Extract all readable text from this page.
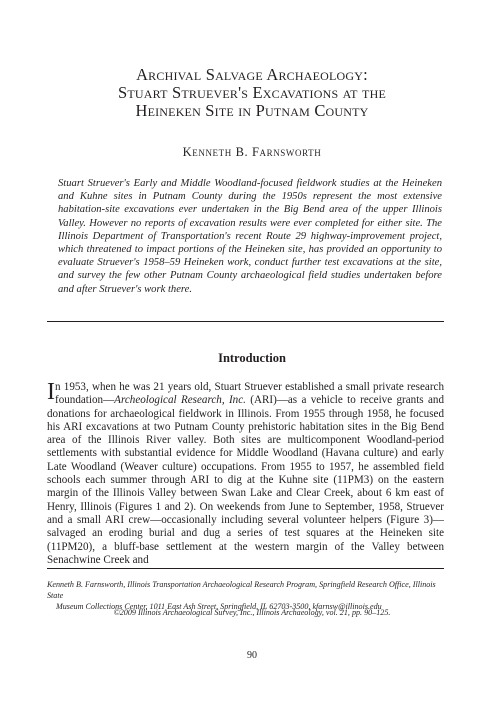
Archival Salvage Archaeology:
Stuart Struever's Excavations at the
Heineken Site in Putnam County
Kenneth B. Farnsworth

Stuart Struever's Early and Middle Woodland-focused fieldwork studies at the Heineken and Kuhne sites in Putnam County during the 1950s represent the most extensive habitation-site excavations ever undertaken in the Big Bend area of the upper Illinois Valley. However no reports of excavation results were ever completed for either site. The Illinois Department of Transportation's recent Route 29 highway-improvement project, which threatened to impact portions of the Heineken site, has provided an opportunity to evaluate Struever's 1958–59 Heineken work, conduct further test excavations at the site, and survey the few other Putnam County archaeological field studies undertaken before and after Struever's work there.

Introduction

In 1953, when he was 21 years old, Stuart Struever established a small private research foundation—Archeological Research, Inc. (ARI)—as a vehicle to receive grants and donations for archaeological fieldwork in Illinois. From 1955 through 1958, he focused his ARI excavations at two Putnam County prehistoric habitation sites in the Big Bend area of the Illinois River valley. Both sites are multicomponent Woodland-period settlements with substantial evidence for Middle Woodland (Havana culture) and early Late Woodland (Weaver culture) occupations. From 1955 to 1957, he assembled field schools each summer through ARI to dig at the Kuhne site (11PM3) on the eastern margin of the Illinois Valley between Swan Lake and Clear Creek, about 6 km east of Henry, Illinois (Figures 1 and 2). On weekends from June to September, 1958, Struever and a small ARI crew—occasionally including several volunteer helpers (Figure 3)—salvaged an eroding burial and dug a series of test squares at the Heineken site (11PM20), a bluff-base settlement at the western margin of the Valley between Senachwine Creek and

Kenneth B. Farnsworth, Illinois Transportation Archaeological Research Program, Springfield Research Office, Illinois State
Museum Collections Center, 1011 East Ash Street, Springfield, IL 62703-3500, kfarnsw@illinois.edu

©2009 Illinois Archaeological Survey, Inc., Illinois Archaeology, vol. 21, pp. 90–125.
90
